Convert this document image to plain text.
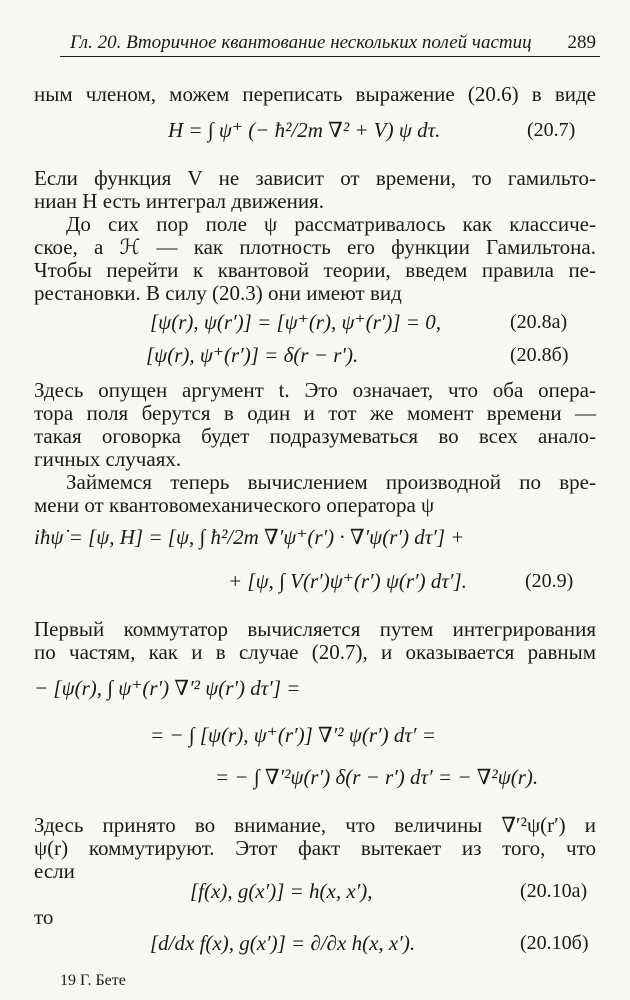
Гл. 20. Вторичное квантование нескольких полей частиц 289
ным членом, можем переписать выражение (20.6) в виде
H = ∫ ψ⁺ (− ħ²/2m ∇² + V) ψ dτ.	(20.7)
Если функция V не зависит от времени, то гамильто-
ниан H есть интеграл движения.
До сих пор поле ψ рассматривалось как классиче-
ское, а ℋ — как плотность его функции Гамильтона.
Чтобы перейти к квантовой теории, введем правила пе-
рестановки. В силу (20.3) они имеют вид
[ψ(r), ψ(r′)] = [ψ⁺(r), ψ⁺(r′)] = 0,	(20.8а)
[ψ(r), ψ⁺(r′)] = δ(r − r′).	(20.8б)
Здесь опущен аргумент t. Это означает, что оба опера-
тора поля берутся в один и тот же момент времени —
такая оговорка будет подразумеваться во всех анало-
гичных случаях.
Займемся теперь вычислением производной по вре-
мени от квантовомеханического оператора ψ
iħψ̇ = [ψ, H] = [ψ, ∫ ħ²/2m ∇′ψ⁺(r′) · ∇′ψ(r′) dτ′] +
+ [ψ, ∫ V(r′)ψ⁺(r′) ψ(r′) dτ′].	(20.9)
Первый коммутатор вычисляется путем интегрирования
по частям, как и в случае (20.7), и оказывается равным
− [ψ(r), ∫ ψ⁺(r′) ∇′² ψ(r′) dτ′] =
= − ∫ [ψ(r), ψ⁺(r′)] ∇′² ψ(r′) dτ′ =
= − ∫ ∇′²ψ(r′) δ(r − r′) dτ′ = − ∇²ψ(r).
Здесь принято во внимание, что величины ∇′²ψ(r′) и
ψ(r) коммутируют. Этот факт вытекает из того, что
если
[f(x), g(x′)] = h(x, x′),	(20.10а)
то
[d/dx f(x), g(x′)] = ∂/∂x h(x, x′).	(20.10б)
19 Г. Бете
